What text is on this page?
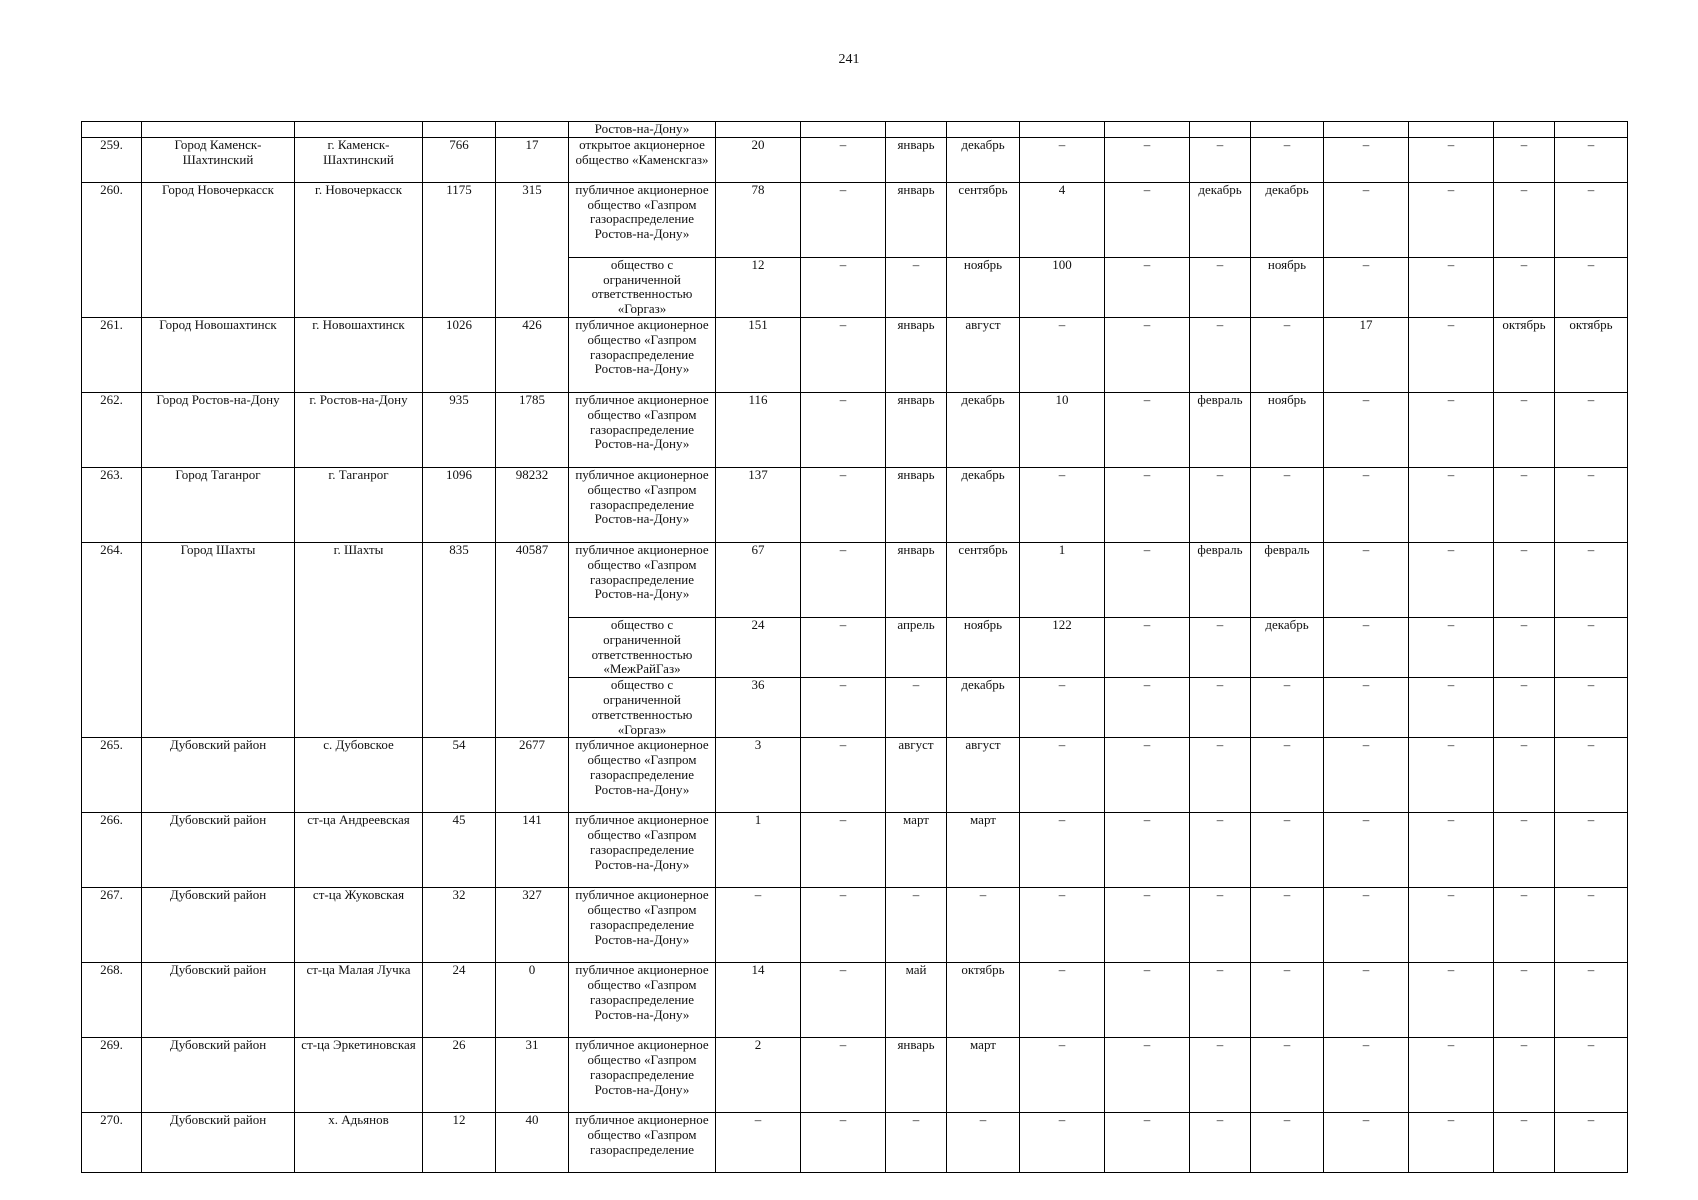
241
					Ростов-на-Дону»												
259.	Город Каменск-Шахтинский	г. Каменск-Шахтинский	766	17	открытое акционерное общество «Каменскгаз»	20	–	январь	декабрь	–	–	–	–	–	–	–	–
260.	Город Новочеркасск	г. Новочеркасск	1175	315	публичное акционерное общество «Газпром газораспределение Ростов-на-Дону»	78	–	январь	сентябрь	4	–	декабрь	декабрь	–	–	–	–
					общество с ограниченной ответственностью «Горгаз»	12	–	–	ноябрь	100	–	–	ноябрь	–	–	–	–
261.	Город Новошахтинск	г. Новошахтинск	1026	426	публичное акционерное общество «Газпром газораспределение Ростов-на-Дону»	151	–	январь	август	–	–	–	–	17	–	октябрь	октябрь
262.	Город Ростов-на-Дону	г. Ростов-на-Дону	935	1785	публичное акционерное общество «Газпром газораспределение Ростов-на-Дону»	116	–	январь	декабрь	10	–	февраль	ноябрь	–	–	–	–
263.	Город Таганрог	г. Таганрог	1096	98232	публичное акционерное общество «Газпром газораспределение Ростов-на-Дону»	137	–	январь	декабрь	–	–	–	–	–	–	–	–
264.	Город Шахты	г. Шахты	835	40587	публичное акционерное общество «Газпром газораспределение Ростов-на-Дону»	67	–	январь	сентябрь	1	–	февраль	февраль	–	–	–	–
					общество с ограниченной ответственностью «МежРайГаз»	24	–	апрель	ноябрь	122	–	–	декабрь	–	–	–	–
					общество с ограниченной ответственностью «Горгаз»	36	–	–	декабрь	–	–	–	–	–	–	–	–
265.	Дубовский район	с. Дубовское	54	2677	публичное акционерное общество «Газпром газораспределение Ростов-на-Дону»	3	–	август	август	–	–	–	–	–	–	–	–
266.	Дубовский район	ст-ца Андреевская	45	141	публичное акционерное общество «Газпром газораспределение Ростов-на-Дону»	1	–	март	март	–	–	–	–	–	–	–	–
267.	Дубовский район	ст-ца Жуковская	32	327	публичное акционерное общество «Газпром газораспределение Ростов-на-Дону»	–	–	–	–	–	–	–	–	–	–	–	–
268.	Дубовский район	ст-ца Малая Лучка	24	0	публичное акционерное общество «Газпром газораспределение Ростов-на-Дону»	14	–	май	октябрь	–	–	–	–	–	–	–	–
269.	Дубовский район	ст-ца Эркетиновская	26	31	публичное акционерное общество «Газпром газораспределение Ростов-на-Дону»	2	–	январь	март	–	–	–	–	–	–	–	–
270.	Дубовский район	х. Адьянов	12	40	публичное акционерное общество «Газпром газораспределение	–	–	–	–	–	–	–	–	–	–	–	–
